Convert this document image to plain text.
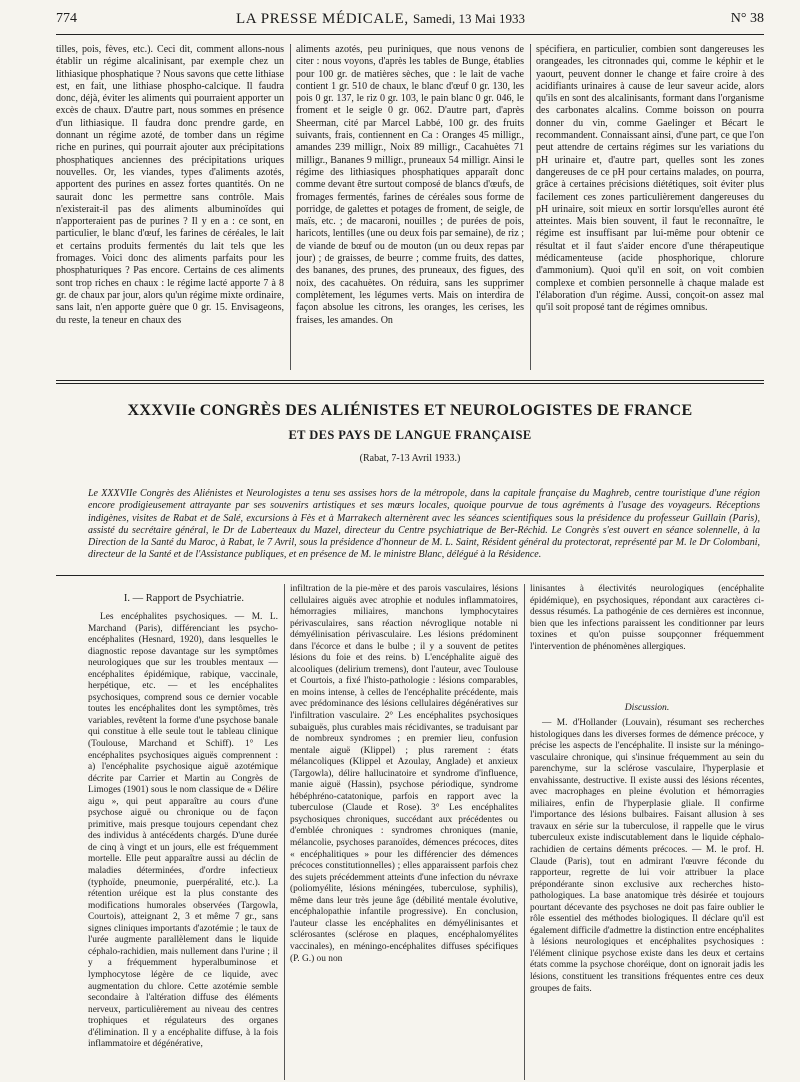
774	LA PRESSE MÉDICALE, Samedi, 13 Mai 1933	N° 38

tilles, pois, fèves, etc.). Ceci dit, comment allons-nous établir un régime alcalinisant, par exemple chez un lithiasique phosphatique ? Nous savons que cette lithiase est, en fait, une lithiase phospho-calcique. Il faudra donc, déjà, éviter les aliments qui pourraient apporter un excès de chaux. D'autre part, nous sommes en présence d'un lithiasique. Il faudra donc prendre garde, en donnant un régime azoté, de tomber dans un régime riche en purines, qui pourrait ajouter aux précipitations phosphatiques anciennes des précipitations uriques nouvelles. Or, les viandes, types d'aliments azotés, apportent des purines en assez fortes quantités. On ne saurait donc les permettre sans contrôle. Mais n'existerait-il pas des aliments albuminoïdes qui n'apporteraient pas de purines ? Il y en a : ce sont, en particulier, le blanc d'œuf, les farines de céréales, le lait et certains produits fermentés du lait tels que les fromages. Voici donc des aliments parfaits pour les phosphaturiques ? Pas encore. Certains de ces aliments sont trop riches en chaux : le régime lacté apporte 7 à 8 gr. de chaux par jour, alors qu'un régime mixte ordinaire, sans lait, n'en apporte guère que 0 gr. 15. Envisageons, du reste, la teneur en chaux des

aliments azotés, peu puriniques, que nous venons de citer : nous voyons, d'après les tables de Bunge, établies pour 100 gr. de matières sèches, que : le lait de vache contient 1 gr. 510 de chaux, le blanc d'œuf 0 gr. 130, les pois 0 gr. 137, le riz 0 gr. 103, le pain blanc 0 gr. 046, le froment et le seigle 0 gr. 062. D'autre part, d'après Sheerman, cité par Marcel Labbé, 100 gr. des fruits suivants, frais, contiennent en Ca : Oranges 45 milligr., amandes 239 milligr., Noix 89 milligr., Cacahuètes 71 milligr., Bananes 9 milligr., pruneaux 54 milligr. Ainsi le régime des lithiasiques phosphatiques apparaît donc comme devant être surtout composé de blancs d'œufs, de fromages fermentés, farines de céréales sous forme de porridge, de galettes et potages de froment, de seigle, de maïs, etc. ; de macaroni, nouilles ; de purées de pois, haricots, lentilles (une ou deux fois par semaine), de riz ; de viande de bœuf ou de mouton (un ou deux repas par jour) ; de graisses, de beurre ; comme fruits, des dattes, des bananes, des prunes, des pruneaux, des figues, des noix, des cacahuètes. On réduira, sans les supprimer complètement, les légumes verts. Mais on interdira de façon absolue les citrons, les oranges, les cerises, les fraises, les amandes. On

spécifiera, en particulier, combien sont dangereuses les orangeades, les citronnades qui, comme le képhir et le yaourt, peuvent donner le change et faire croire à des acidifiants urinaires à cause de leur saveur acide, alors qu'ils en sont des alcalinisants, formant dans l'organisme des carbonates alcalins. Comme boisson on pourra donner du vin, comme Gaelinger et Bécart le recommandent. Connaissant ainsi, d'une part, ce que l'on peut attendre de certains régimes sur les variations du pH urinaire et, d'autre part, quelles sont les zones dangereuses de ce pH pour certains malades, on pourra, grâce à certaines précisions diététiques, soit éviter plus facilement ces zones particulièrement dangereuses du pH urinaire, soit mieux en sortir lorsqu'elles auront été atteintes. Mais bien souvent, il faut le reconnaître, le régime est insuffisant par lui-même pour obtenir ce résultat et il faut s'aider encore d'une thérapeutique médicamenteuse (acide phosphorique, chlorure d'ammonium). Quoi qu'il en soit, on voit combien complexe et combien personnelle à chaque malade est l'élaboration d'un régime. Aussi, conçoit-on assez mal qu'il soit proposé tant de régimes omnibus.

XXXVIIe CONGRÈS DES ALIÉNISTES ET NEUROLOGISTES DE FRANCE
ET DES PAYS DE LANGUE FRANÇAISE
(Rabat, 7-13 Avril 1933.)
Le XXXVIIe Congrès des Aliénistes et Neurologistes a tenu ses assises hors de la métropole, dans la capitale française du Maghreb, centre touristique d'une région encore prodigieusement attrayante par ses souvenirs artistiques et ses mœurs locales, quoique pourvue de tous agréments à l'usage des voyageurs. Réceptions indigènes, visites de Rabat et de Salé, excursions à Fès et à Marrakech alternèrent avec les séances scientifiques sous la présidence du professeur Guillain (Paris), assisté du secrétaire général, le Dr de Laberteaux du Mazel, directeur du Centre psychiatrique de Ber-Réchid. Le Congrès s'est ouvert en séance solennelle, à la Direction de la Santé du Maroc, à Rabat, le 7 Avril, sous la présidence d'honneur de M. L. Saint, Résident général du protectorat, représenté par M. le Dr Colombani, directeur de la Santé et de l'Assistance publiques, et en présence de M. le ministre Blanc, délégué à la Résidence.
I. — Rapport de Psychiatrie.

Les encéphalites psychosiques. — M. L. Marchand (Paris), différenciant les psycho-encéphalites (Hesnard, 1920), dans lesquelles le diagnostic repose davantage sur les symptômes neurologiques que sur les troubles mentaux — encéphalites épidémique, rabique, vaccinale, herpétique, etc. — et les encéphalites psychosiques, comprend sous ce dernier vocable toutes les encéphalites dont les symptômes, très variables, revêtent la forme d'une psychose banale qui constitue à elle seule tout le tableau clinique (Toulouse, Marchand et Schiff). 1° Les encéphalites psychosiques aiguës comprennent : a) l'encéphalite psychosique aiguë azotémique décrite par Carrier et Martin au Congrès de Limoges (1901) sous le nom classique de « Délire aigu », qui peut apparaître au cours d'une psychose aiguë ou chronique ou de façon primitive, mais presque toujours cependant chez des individus à antécédents chargés. D'une durée de cinq à vingt et un jours, elle est fréquemment mortelle. Elle peut apparaître aussi au déclin de maladies déterminées, d'ordre infectieux (typhoïde, pneumonie, puerpéralité, etc.). La rétention uréique est la plus constante des modifications humorales observées (Targowla, Courtois), atteignant 2, 3 et même 7 gr., sans signes cliniques importants d'azotémie ; le taux de l'urée augmente parallèlement dans le liquide céphalo-rachidien, mais nullement dans l'urine ; il y a fréquemment hyperalbuminose et lymphocytose légère de ce liquide, avec augmentation du chlore. Cette azotémie semble secondaire à l'altération diffuse des éléments nerveux, particulièrement au niveau des centres trophiques et régulateurs des organes d'élimination. Il y a encéphalite diffuse, à la fois inflammatoire et dégénérative,

infiltration de la pie-mère et des parois vasculaires, lésions cellulaires aiguës avec atrophie et nodules inflammatoires, hémorragies miliaires, manchons lymphocytaires périvasculaires, sans réaction névroglique notable ni démyélinisation périvasculaire. Les lésions prédominent dans l'écorce et dans le bulbe ; il y a souvent de petites lésions du foie et des reins. b) L'encéphalite aiguë des alcooliques (delirium tremens), dont l'auteur, avec Toulouse et Courtois, a fixé l'histo-pathologie : lésions comparables, en moins intense, à celles de l'encéphalite précédente, mais avec prédominance des lésions cellulaires dégénératives sur l'infiltration vasculaire. 2° Les encéphalites psychosiques subaiguës, plus curables mais récidivantes, se traduisant par de nombreux syndromes ; en premier lieu, confusion mentale aiguë (Klippel) ; plus rarement : états mélancoliques (Klippel et Azoulay, Anglade) et anxieux (Targowla), délire hallucinatoire et syndrome d'influence, manie aiguë (Hassin), psychose périodique, syndrome hébéphréno-catatonique, parfois en rapport avec la tuberculose (Claude et Rose). 3° Les encéphalites psychosiques chroniques, succédant aux précédentes ou d'emblée chroniques : syndromes chroniques (manie, mélancolie, psychoses paranoïdes, démences précoces, dites « encéphalitiques » pour les différencier des démences précoces constitutionnelles) ; elles apparaissent parfois chez des sujets précédemment atteints d'une infection du névraxe (poliomyélite, lésions méningées, tuberculose, syphilis), même dans leur très jeune âge (débilité mentale évolutive, encéphalopathie infantile progressive). En conclusion, l'auteur classe les encéphalites en démyélinisantes et sclérosantes (sclérose en plaques, encéphalomyélites vaccinales), en méningo-encéphalites diffuses spécifiques (P. G.) ou non

linisantes à électivités neurologiques (encéphalite épidémique), en psychosiques, répondant aux caractères ci-dessus résumés. La pathogénie de ces dernières est inconnue, bien que les infections paraissent les conditionner par leurs toxines et qu'on puisse soupçonner fréquemment l'intervention de phénomènes allergiques.

Discussion.

— M. d'Hollander (Louvain), résumant ses recherches histologiques dans les diverses formes de démence précoce, y précise les aspects de l'encéphalite. Il insiste sur la méningo-vasculaire chronique, qui s'insinue fréquemment au sein du parenchyme, sur la sclérose vasculaire, l'hyperplasie et envahissante, destructive. Il existe aussi des lésions récentes, avec macrophages en pleine évolution et hémorragies miliaires, enfin de l'hyperplasie gliale. Il confirme l'importance des lésions bulbaires. Faisant allusion à ses travaux en série sur la tuberculose, il rappelle que le virus tuberculeux existe indiscutablement dans le liquide céphalo-rachidien de certains déments précoces. — M. le prof. H. Claude (Paris), tout en admirant l'œuvre féconde du rapporteur, regrette de lui voir attribuer la place prépondérante sinon exclusive aux recherches histo-pathologiques. La base anatomique très désirée et toujours pourtant décevante des psychoses ne doit pas faire oublier le rôle essentiel des méthodes biologiques. Il déclare qu'il est également difficile d'admettre la distinction entre encéphalites à lésions neurologiques et encéphalites psychosiques : l'élément clinique psychose existe dans les deux et certains états comme la psychose choréique, dont on ignorait jadis les lésions, constituent les transitions fréquentes entre ces deux groupes de faits.
